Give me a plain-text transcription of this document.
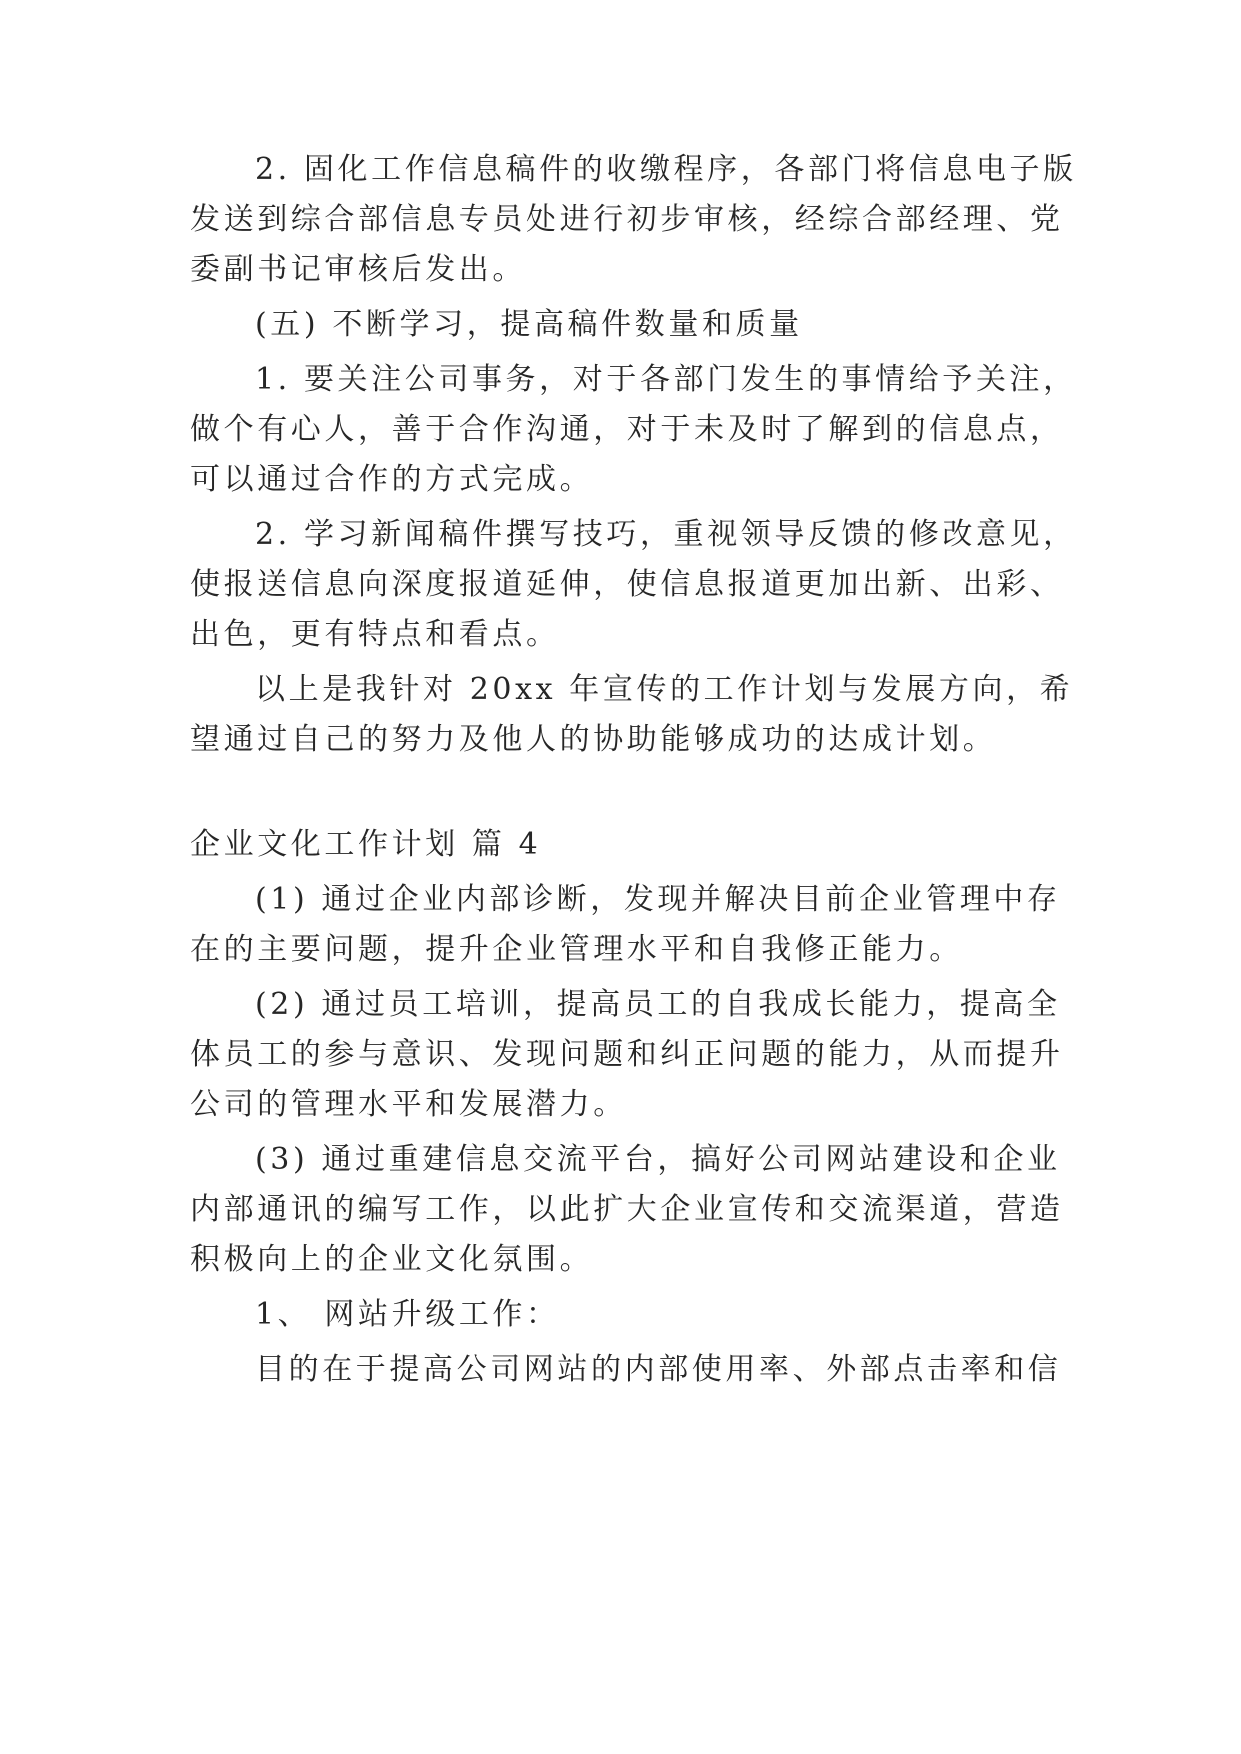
2. 固化工作信息稿件的收缴程序，各部门将信息电子版
发送到综合部信息专员处进行初步审核，经综合部经理、党
委副书记审核后发出。
(五) 不断学习，提高稿件数量和质量
1. 要关注公司事务，对于各部门发生的事情给予关注，
做个有心人，善于合作沟通，对于未及时了解到的信息点，
可以通过合作的方式完成。
2. 学习新闻稿件撰写技巧，重视领导反馈的修改意见，
使报送信息向深度报道延伸，使信息报道更加出新、出彩、
出色，更有特点和看点。
以上是我针对 20xx 年宣传的工作计划与发展方向，希
望通过自己的努力及他人的协助能够成功的达成计划。
企业文化工作计划 篇 4
(1) 通过企业内部诊断，发现并解决目前企业管理中存
在的主要问题，提升企业管理水平和自我修正能力。
(2) 通过员工培训，提高员工的自我成长能力，提高全
体员工的参与意识、发现问题和纠正问题的能力，从而提升
公司的管理水平和发展潜力。
(3) 通过重建信息交流平台，搞好公司网站建设和企业
内部通讯的编写工作，以此扩大企业宣传和交流渠道，营造
积极向上的企业文化氛围。
1、 网站升级工作：
目的在于提高公司网站的内部使用率、外部点击率和信
